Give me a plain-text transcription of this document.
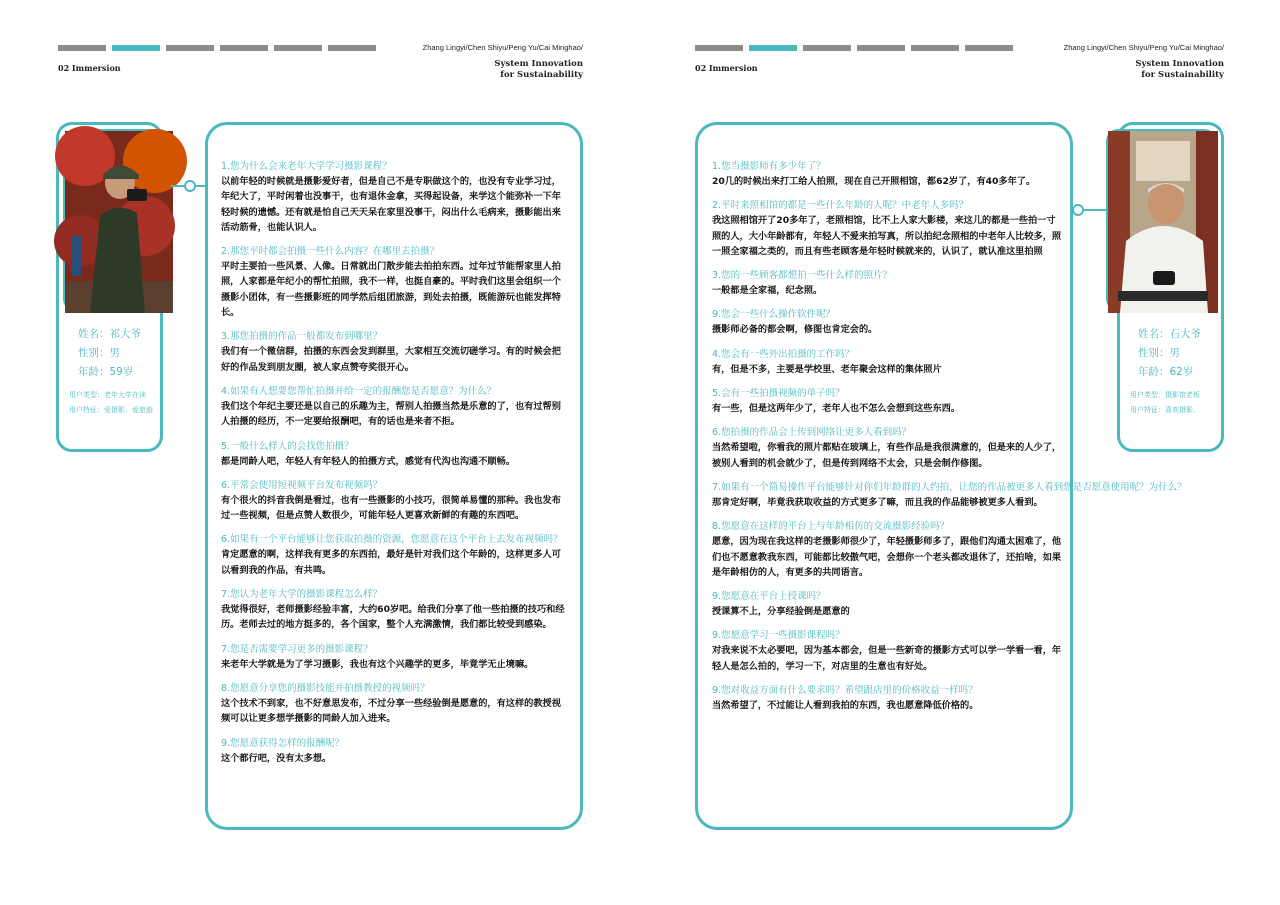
Zhang Lingyi/Chen Shiyu/Peng Yu/Cai Minghao/
02 Immersion	System Innovation
for Sustainability
姓名：祁大爷
性别：男
年龄：59岁
用户类型：老年大学在读
用户特征：爱摄影、爱旅游
1.您为什么会来老年大学学习摄影课程？
以前年轻的时候就是摄影爱好者，但是自己不是专职做这个的，也没有专业学习过，年纪大了，平时闲着也没事干，也有退休金拿，买得起设备，来学这个能弥补一下年轻时候的遗憾。还有就是怕自己天天呆在家里没事干，闷出什么毛病来，摄影能出来活动筋骨，也能认识人。
2.那您平时都会拍摄一些什么内容？在哪里去拍摄？
平时主要拍一些风景、人像。日常就出门散步能去拍拍东西。过年过节能帮家里人拍照，人家都是年纪小的帮忙拍照，我不一样，也挺自豪的。平时我们这里会组织一个摄影小团体，有一些摄影班的同学然后组团旅游，到处去拍摄，既能游玩也能发挥特长。
3.那您拍摄的作品一般都发布到哪里？
我们有一个微信群，拍摄的东西会发到群里，大家相互交流切磋学习。有的时候会把好的作品发到朋友圈，被人家点赞夸奖很开心。
4.如果有人想要您帮忙拍摄并给一定的报酬您是否愿意？为什么？
我们这个年纪主要还是以自己的乐趣为主，帮别人拍摄当然是乐意的了，也有过帮别人拍摄的经历，不一定要给报酬吧，有的话也是来者不拒。
5.一般什么样人的会找您拍摄？
都是同龄人吧，年轻人有年轻人的拍摄方式，感觉有代沟也沟通不顺畅。
6.平常会使用短视频平台发布视频吗？
有个很火的抖音我倒是看过，也有一些摄影的小技巧，很简单易懂的那种。我也发布过一些视频，但是点赞人数很少，可能年轻人更喜欢新鲜的有趣的东西吧。
6.如果有一个平台能够让您获取拍摄的资源，您愿意在这个平台上去发布视频吗？
肯定愿意的啊，这样我有更多的东西拍，最好是针对我们这个年龄的，这样更多人可以看到我的作品，有共鸣。
7.您认为老年大学的摄影课程怎么样？
我觉得很好，老师摄影经验丰富，大约60岁吧。给我们分享了他一些拍摄的技巧和经历。老师去过的地方挺多的，各个国家，整个人充满激情，我们都比较受到感染。
7.您是否需要学习更多的摄影课程？
来老年大学就是为了学习摄影，我也有这个兴趣学的更多，毕竟学无止境嘛。
8.您愿意分享您的摄影技能并拍摄教授的视频吗？
这个技术不到家，也不好意思发布，不过分享一些经验倒是愿意的，有这样的教授视频可以让更多想学摄影的同龄人加入进来。
9.您愿意获得怎样的报酬呢？
这个都行吧，没有太多想。
Zhang Lingyi/Chen Shiyu/Peng Yu/Cai Minghao/
02 Immersion	System Innovation
for Sustainability
1.您当摄影师有多少年了？
20几的时候出来打工给人拍照，现在自己开照相馆，都62岁了，有40多年了。
2.平时来照相馆的都是一些什么年龄的人呢？中老年人多吗？
我这照相馆开了20多年了，老照相馆，比不上人家大影楼，来这儿的都是一些拍一寸照的人，大小年龄都有，年轻人不爱来拍写真，所以拍纪念照相的中老年人比较多，照一照全家福之类的，而且有些老顾客是年轻时候就来的，认识了，就认准这里拍照
3.您的一些顾客都想拍一些什么样的照片？
一般都是全家福，纪念照。
9.您会一些什么操作软件呢？
摄影师必备的都会啊，修图也肯定会的。
4.您会有一些外出拍摄的工作吗？
有，但是不多，主要是学校里、老年聚会这样的集体照片
5.会有一些拍摄视频的单子吗？
有一些，但是这两年少了，老年人也不怎么会想到这些东西。
6.您拍摄的作品会上传到网络让更多人看到吗？
当然希望啦，你看我的照片都贴在玻璃上，有些作品是我很满意的，但是来的人少了，被别人看到的机会就少了，但是传到网络不太会，只是会制作修图。
7.如果有一个简易操作平台能够针对你们年龄群的人约拍，让您的作品被更多人看到您是否愿意使用呢？为什么？
那肯定好啊，毕竟我获取收益的方式更多了嘛，而且我的作品能够被更多人看到。
8.您愿意在这样的平台上与年龄相仿的交流摄影经验吗？
愿意，因为现在我这样的老摄影师很少了，年轻摄影师多了，跟他们沟通太困难了，他们也不愿意教我东西，可能都比较傲气吧，会想你一个老头都改退休了，还拍啥，如果是年龄相仿的人，有更多的共同语言。
9.您愿意在平台上授课吗？
授课算不上，分享经验倒是愿意的
9.您愿意学习一些摄影课程吗？
对我来说不太必要吧，因为基本都会，但是一些新奇的摄影方式可以学一学看一看，年轻人是怎么拍的，学习一下，对店里的生意也有好处。
9.您对收益方面有什么要求吗？希望跟店里的价格收益一样吗？
当然希望了，不过能让人看到我拍的东西，我也愿意降低价格的。
姓名：石大爷
性别：男
年龄：62岁
用户类型：摄影馆老板
用户特征：喜欢摄影、
